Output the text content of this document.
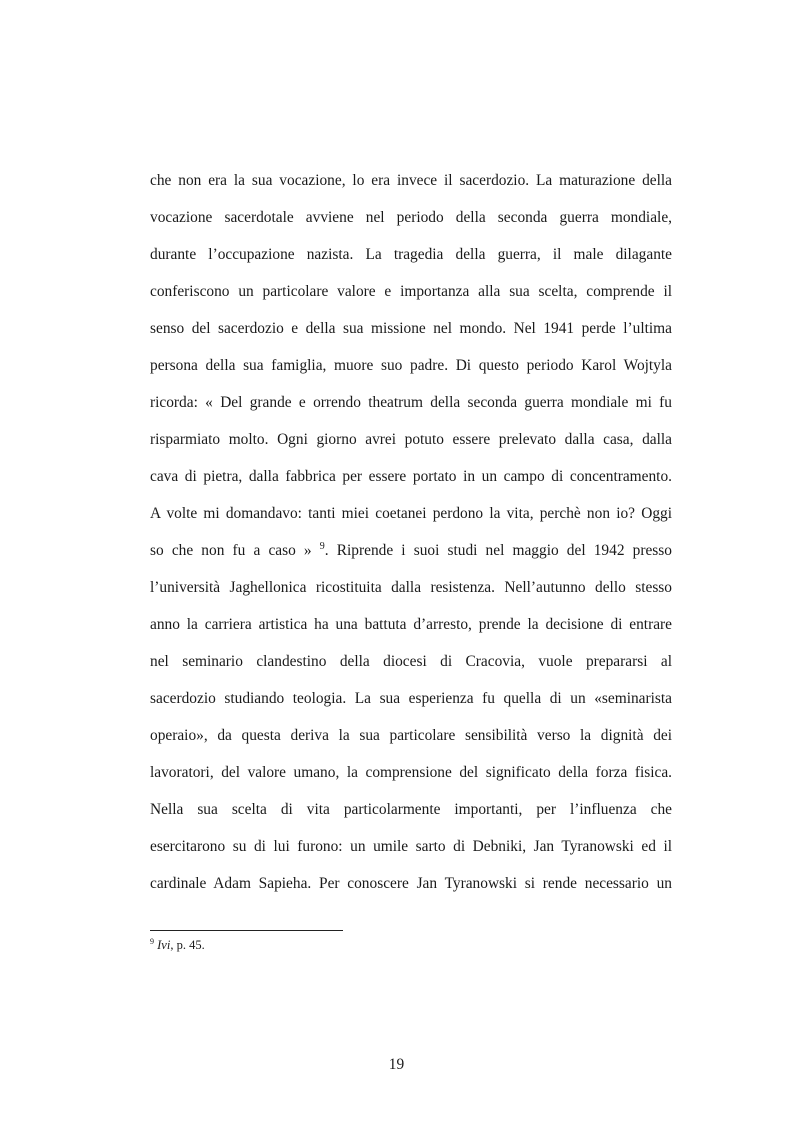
che non era la sua vocazione, lo era invece il sacerdozio. La maturazione della
vocazione sacerdotale avviene nel periodo della seconda guerra mondiale,
durante l’occupazione nazista. La tragedia della guerra, il male dilagante
conferiscono un particolare valore e importanza alla sua scelta, comprende il
senso del sacerdozio e della sua missione nel mondo. Nel 1941 perde l’ultima
persona della sua famiglia, muore suo padre. Di questo periodo Karol Wojtyla
ricorda: « Del grande e orrendo theatrum della seconda guerra mondiale mi fu
risparmiato molto. Ogni giorno avrei potuto essere prelevato dalla casa, dalla
cava di pietra, dalla fabbrica per essere portato in un campo di concentramento.
A volte mi domandavo: tanti miei coetanei perdono la vita, perchè non io? Oggi
so che non fu a caso » $^9$. Riprende i suoi studi nel maggio del 1942 presso
l’università Jaghellonica ricostituita dalla resistenza. Nell’autunno dello stesso
anno la carriera artistica ha una battuta d’arresto, prende la decisione di entrare
nel seminario clandestino della diocesi di Cracovia, vuole prepararsi al
sacerdozio studiando teologia. La sua esperienza fu quella di un «seminarista
operaio», da questa deriva la sua particolare sensibilità verso la dignità dei
lavoratori, del valore umano, la comprensione del significato della forza fisica.
Nella sua scelta di vita particolarmente importanti, per l’influenza che
esercitarono su di lui furono: un umile sarto di Debniki, Jan Tyranowski ed il
cardinale Adam Sapieha. Per conoscere Jan Tyranowski si rende necessario un
$^9$ Ivi, p. 45.
19
